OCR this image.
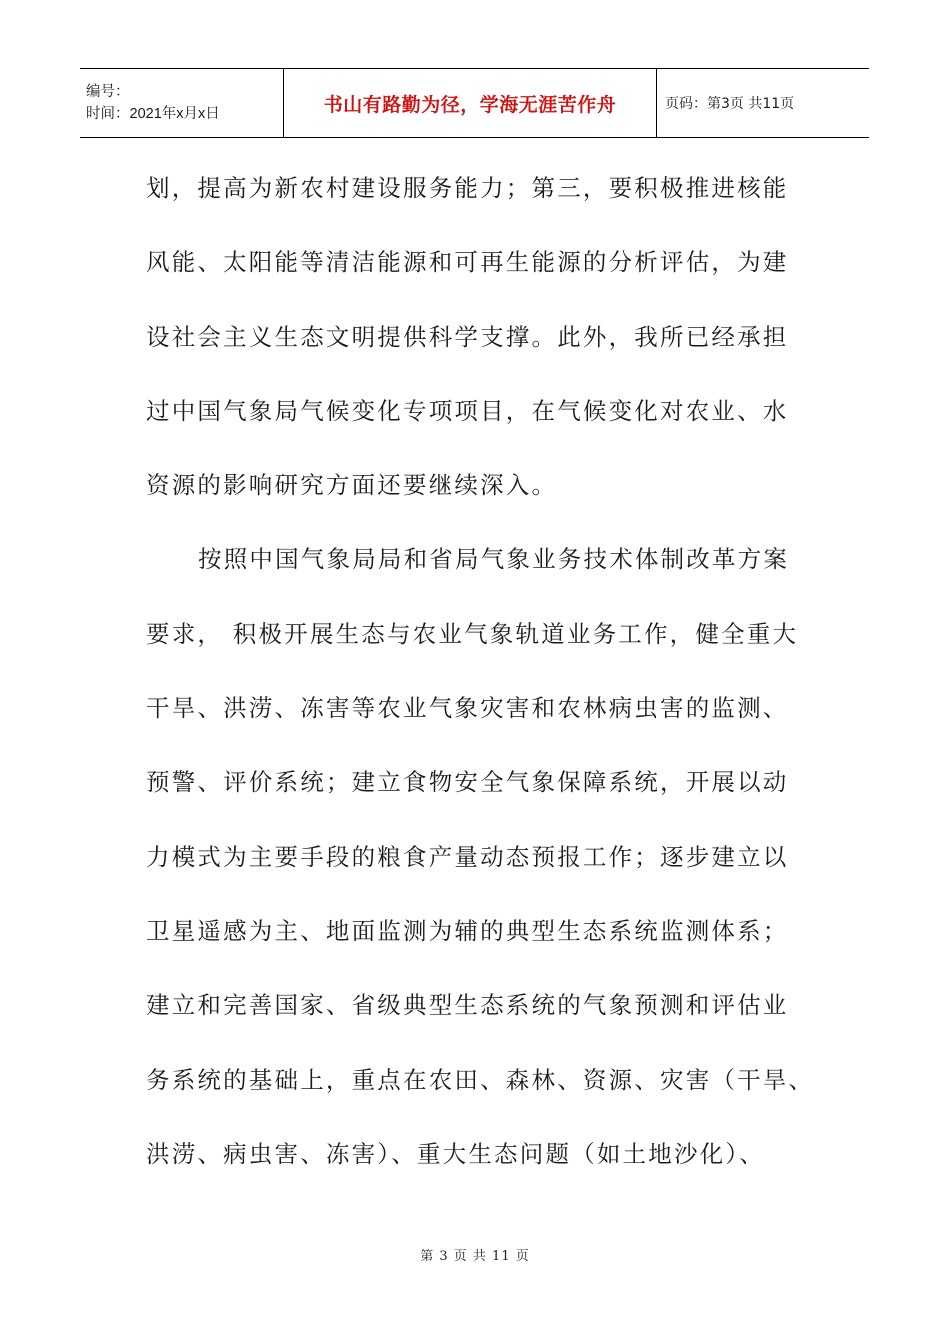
编号：
时间：2021年x月x日	书山有路勤为径，学海无涯苦作舟	页码：第3页 共11页
划，提高为新农村建设服务能力；第三，要积极推进核能
风能、太阳能等清洁能源和可再生能源的分析评估，为建
设社会主义生态文明提供科学支撑。此外，我所已经承担
过中国气象局气候变化专项项目，在气候变化对农业、水
资源的影响研究方面还要继续深入。
按照中国气象局局和省局气象业务技术体制改革方案
要求， 积极开展生态与农业气象轨道业务工作，健全重大
干旱、洪涝、冻害等农业气象灾害和农林病虫害的监测、
预警、评价系统；建立食物安全气象保障系统，开展以动
力模式为主要手段的粮食产量动态预报工作；逐步建立以
卫星遥感为主、地面监测为辅的典型生态系统监测体系；
建立和完善国家、省级典型生态系统的气象预测和评估业
务系统的基础上，重点在农田、森林、资源、灾害（干旱、
洪涝、病虫害、冻害）、重大生态问题（如土地沙化）、
第 3 页 共 11 页
